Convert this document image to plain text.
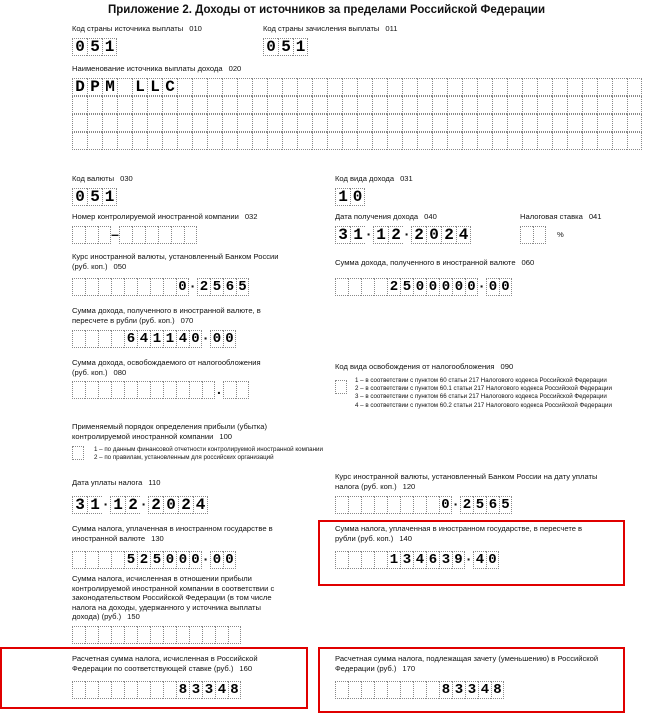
Приложение 2. Доходы от источников за пределами Российской Федерации
Код страны источника выплаты 010
0 5 1
Код страны зачисления выплаты 011
0 5 1
Наименование источника выплаты дохода 020
D P M L L C
Код валюты 030
0 5 1
Код вида дохода 031
1 0
Номер контролируемой иностранной компании 032
–
Дата получения дохода 040
3 1 · 1 2 · 2 0 2 4
Налоговая ставка 041
%
Курс иностранной валюты, установленный Банком России
(руб. коп.) 050
0 · 2 5 6 5
Сумма дохода, полученного в иностранной валюте 060
2 5 0 0 0 0 0 · 0 0
Сумма дохода, полученного в иностранной валюте, в
пересчете в рубли (руб. коп.) 070
6 4 1 1 4 0 · 0 0
Сумма дохода, освобождаемого от налогообложения
(руб. коп.) 080
.
Код вида освобождения от налогообложения 090
1 – в соответствии с пунктом 60 статьи 217 Налогового кодекса Российской Федерации
2 – в соответствии с пунктом 60.1 статьи 217 Налогового кодекса Российской Федерации
3 – в соответствии с пунктом 66 статьи 217 Налогового кодекса Российской Федерации
4 – в соответствии с пунктом 60.2 статьи 217 Налогового кодекса Российской Федерации
Применяемый порядок определения прибыли (убытка)
контролируемой иностранной компании 100
1 – по данным финансовой отчетности контролируемой иностранной компании
2 – по правилам, установленным для российских организаций
Дата уплаты налога 110
3 1 · 1 2 · 2 0 2 4
Курс иностранной валюты, установленный Банком России на дату уплаты
налога (руб. коп.) 120
0 · 2 5 6 5
Сумма налога, уплаченная в иностранном государстве в
иностранной валюте 130
5 2 5 0 0 0 · 0 0
Сумма налога, уплаченная в иностранном государстве, в пересчете в
рубли (руб. коп.) 140
1 3 4 6 3 9 · 4 0
Сумма налога, исчисленная в отношении прибыли
контролируемой иностранной компании в соответствии с
законодательством Российской Федерации (в том числе
налога на доходы, удержанного у источника выплаты
дохода) (руб.) 150
Расчетная сумма налога, исчисленная в Российской
Федерации по соответствующей ставке (руб.) 160
8 3 3 4 8
Расчетная сумма налога, подлежащая зачету (уменьшению) в Российской
Федерации (руб.) 170
8 3 3 4 8
